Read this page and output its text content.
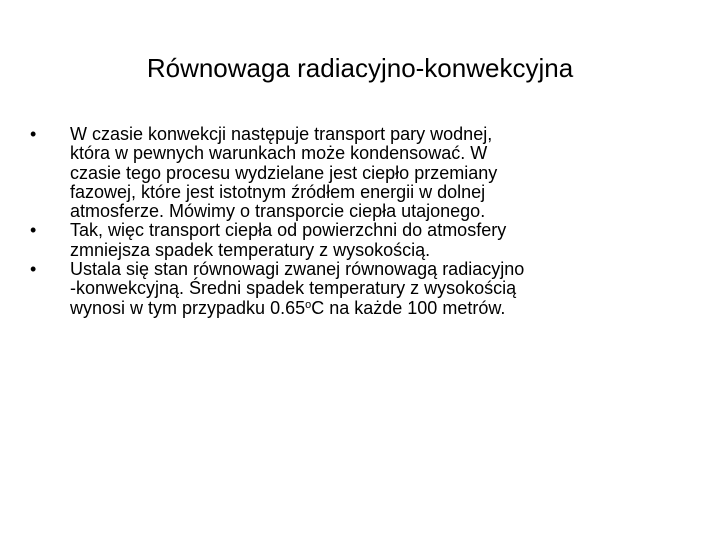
Równowaga radiacyjno-konwekcyjna
•	W czasie konwekcji następuje transport pary wodnej,
która w pewnych warunkach może kondensować. W
czasie tego procesu wydzielane jest ciepło przemiany
fazowej, które jest istotnym źródłem energii w dolnej
atmosferze. Mówimy o transporcie ciepła utajonego.
•	Tak, więc transport ciepła od powierzchni do atmosfery
zmniejsza spadek temperatury z wysokością.
•	Ustala się stan równowagi zwanej równowagą radiacyjno
-konwekcyjną. Średni spadek temperatury z wysokością
wynosi w tym przypadku 0.65$^o$C na każde 100 metrów.
